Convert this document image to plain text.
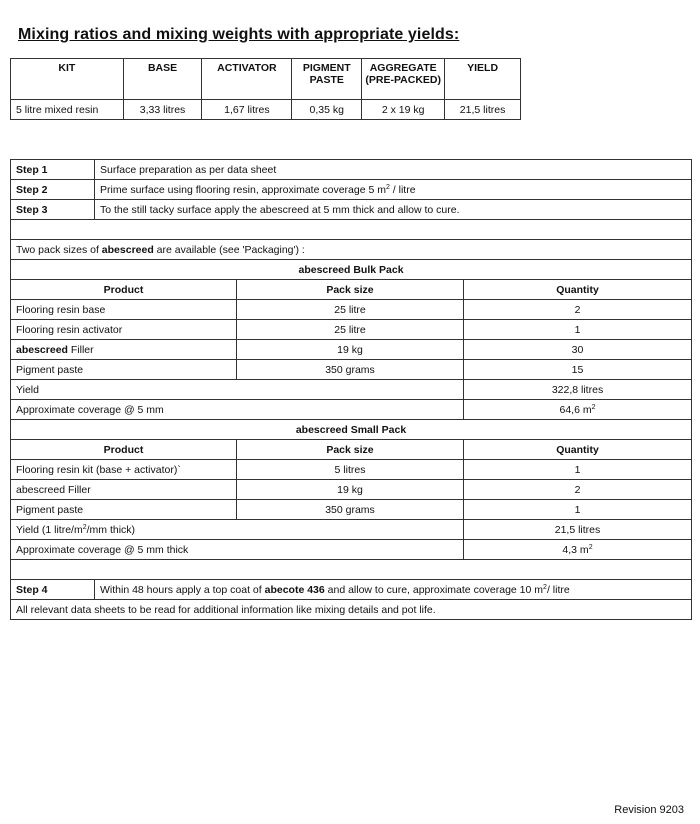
Mixing ratios and mixing weights with appropriate yields:
KIT	BASE	ACTIVATOR	PIGMENT PASTE	AGGREGATE (PRE-PACKED)	YIELD
5 litre mixed resin	3,33 litres	1,67 litres	0,35 kg	2 x 19 kg	21,5 litres
Step 1	Surface preparation as per data sheet		
Step 2	Prime surface using flooring resin, approximate coverage 5 $m^2$ / litre		
Step 3	To the still tacky surface apply the abescreed at 5 mm thick and allow to cure.		

Two pack sizes of abescreed are available (see 'Packaging') :			
abescreed Bulk Pack			
Product		Pack size	Quantity
Flooring resin base		25 litre	2
Flooring resin activator		25 litre	1
abescreed Filler		19 kg	30
Pigment paste		350 grams	15
Yield			322,8 litres
Approximate coverage @ 5 mm			64,6 $m^2$
abescreed Small Pack			
Product		Pack size	Quantity
Flooring resin kit (base + activator)`		5 litres	1
abescreed Filler		19 kg	2
Pigment paste		350 grams	1
Yield (1 litre/$m^2/mm$ thick)			21,5 litres
Approximate coverage @ 5 mm thick			4,3 $m^2$

Step 4	Within 48 hours apply a top coat of abecote 436 and allow to cure, approximate coverage 10 $m^2/$ litre		
All relevant data sheets to be read for additional information like mixing details and pot life.			
Revision 9203
